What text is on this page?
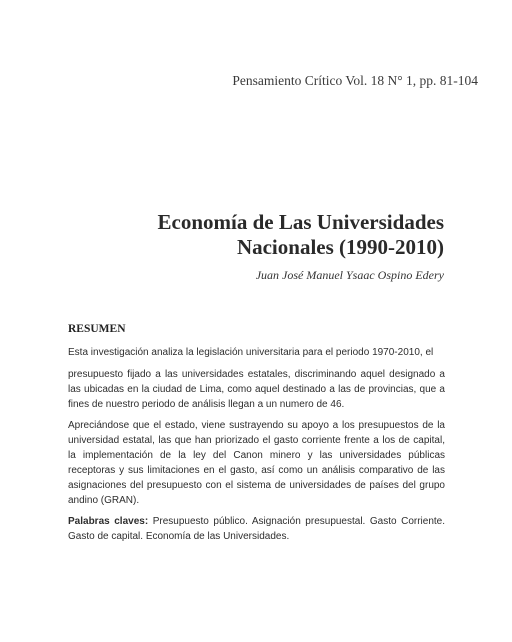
Pensamiento Crítico Vol. 18 N° 1, pp. 81-104
Economía de Las Universidades
Nacionales (1990-2010)
Juan José Manuel Ysaac Ospino Edery
RESUMEN

Esta investigación analiza la legislación universitaria para el periodo 1970-2010, el

presupuesto fijado a las universidades estatales, discriminando aquel designado a las ubicadas en la ciudad de Lima, como aquel destinado a las de provincias, que a fines de nuestro periodo de análisis llegan a un numero de 46.

Apreciándose que el estado, viene sustrayendo su apoyo a los presupuestos de la universidad estatal, las que han priorizado el gasto corriente frente a los de capital, la implementación de la ley del Canon minero y las universidades públicas receptoras y sus limitaciones en el gasto, así como un análisis comparativo de las asignaciones del presupuesto con el sistema de universidades de países del grupo andino (GRAN).

Palabras claves: Presupuesto público. Asignación presupuestal. Gasto Corriente. Gasto de capital. Economía de las Universidades.
